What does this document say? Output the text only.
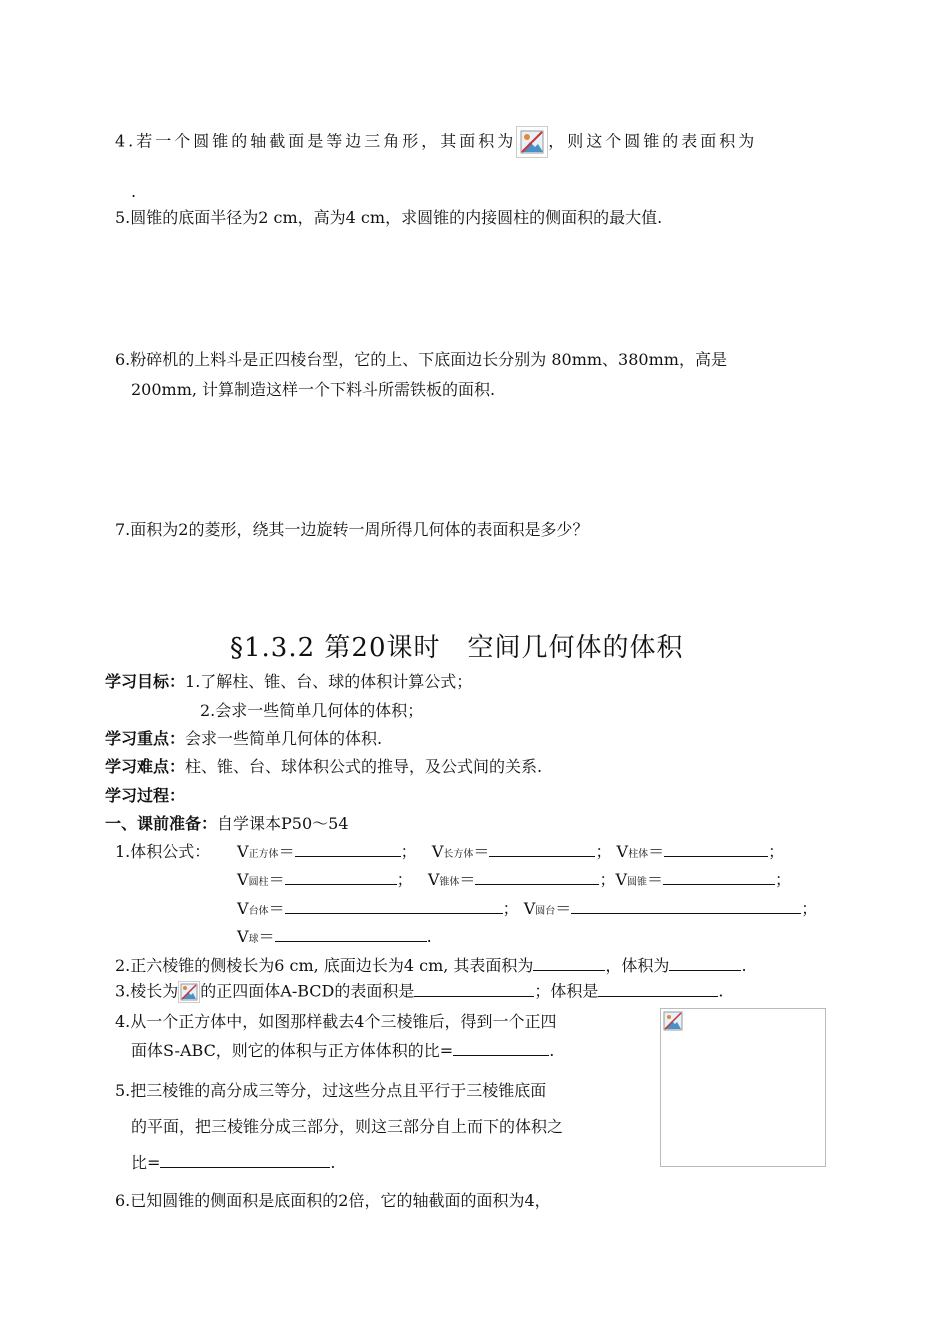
4.若一个圆锥的轴截面是等边三角形，其面积为 ，则这个圆锥的表面积为
.
5.圆锥的底面半径为2 cm，高为4 cm，求圆锥的内接圆柱的侧面积的最大值.
6.粉碎机的上料斗是正四棱台型，它的上、下底面边长分别为 80mm、380mm，高是
200mm, 计算制造这样一个下料斗所需铁板的面积.
7.面积为2的菱形，绕其一边旋转一周所得几何体的表面积是多少？
§1.3.2 第20课时　空间几何体的体积
学习目标：1.了解柱、锥、台、球的体积计算公式；
2.会求一些简单几何体的体积；
学习重点：会求一些简单几何体的体积.
学习难点：柱、锥、台、球体积公式的推导，及公式间的关系.
学习过程：
一、课前准备：自学课本P50～54
1.体积公式： V正方体＝	； V长方体＝	； V柱体＝	；
V圆柱＝	； V锥体＝	；V圆锥＝	；
V台体＝	； V圆台＝	；
V球＝	.
2.正六棱锥的侧棱长为6 cm, 底面边长为4 cm, 其表面积为	，体积为	.
3.棱长为 的正四面体A-BCD的表面积是	；体积是	.
4.从一个正方体中，如图那样截去4个三棱锥后，得到一个正四
面体S-ABC，则它的体积与正方体体积的比=	.
5.把三棱锥的高分成三等分，过这些分点且平行于三棱锥底面
的平面，把三棱锥分成三部分，则这三部分自上而下的体积之
比=	.
6.已知圆锥的侧面积是底面积的2倍，它的轴截面的面积为4，
